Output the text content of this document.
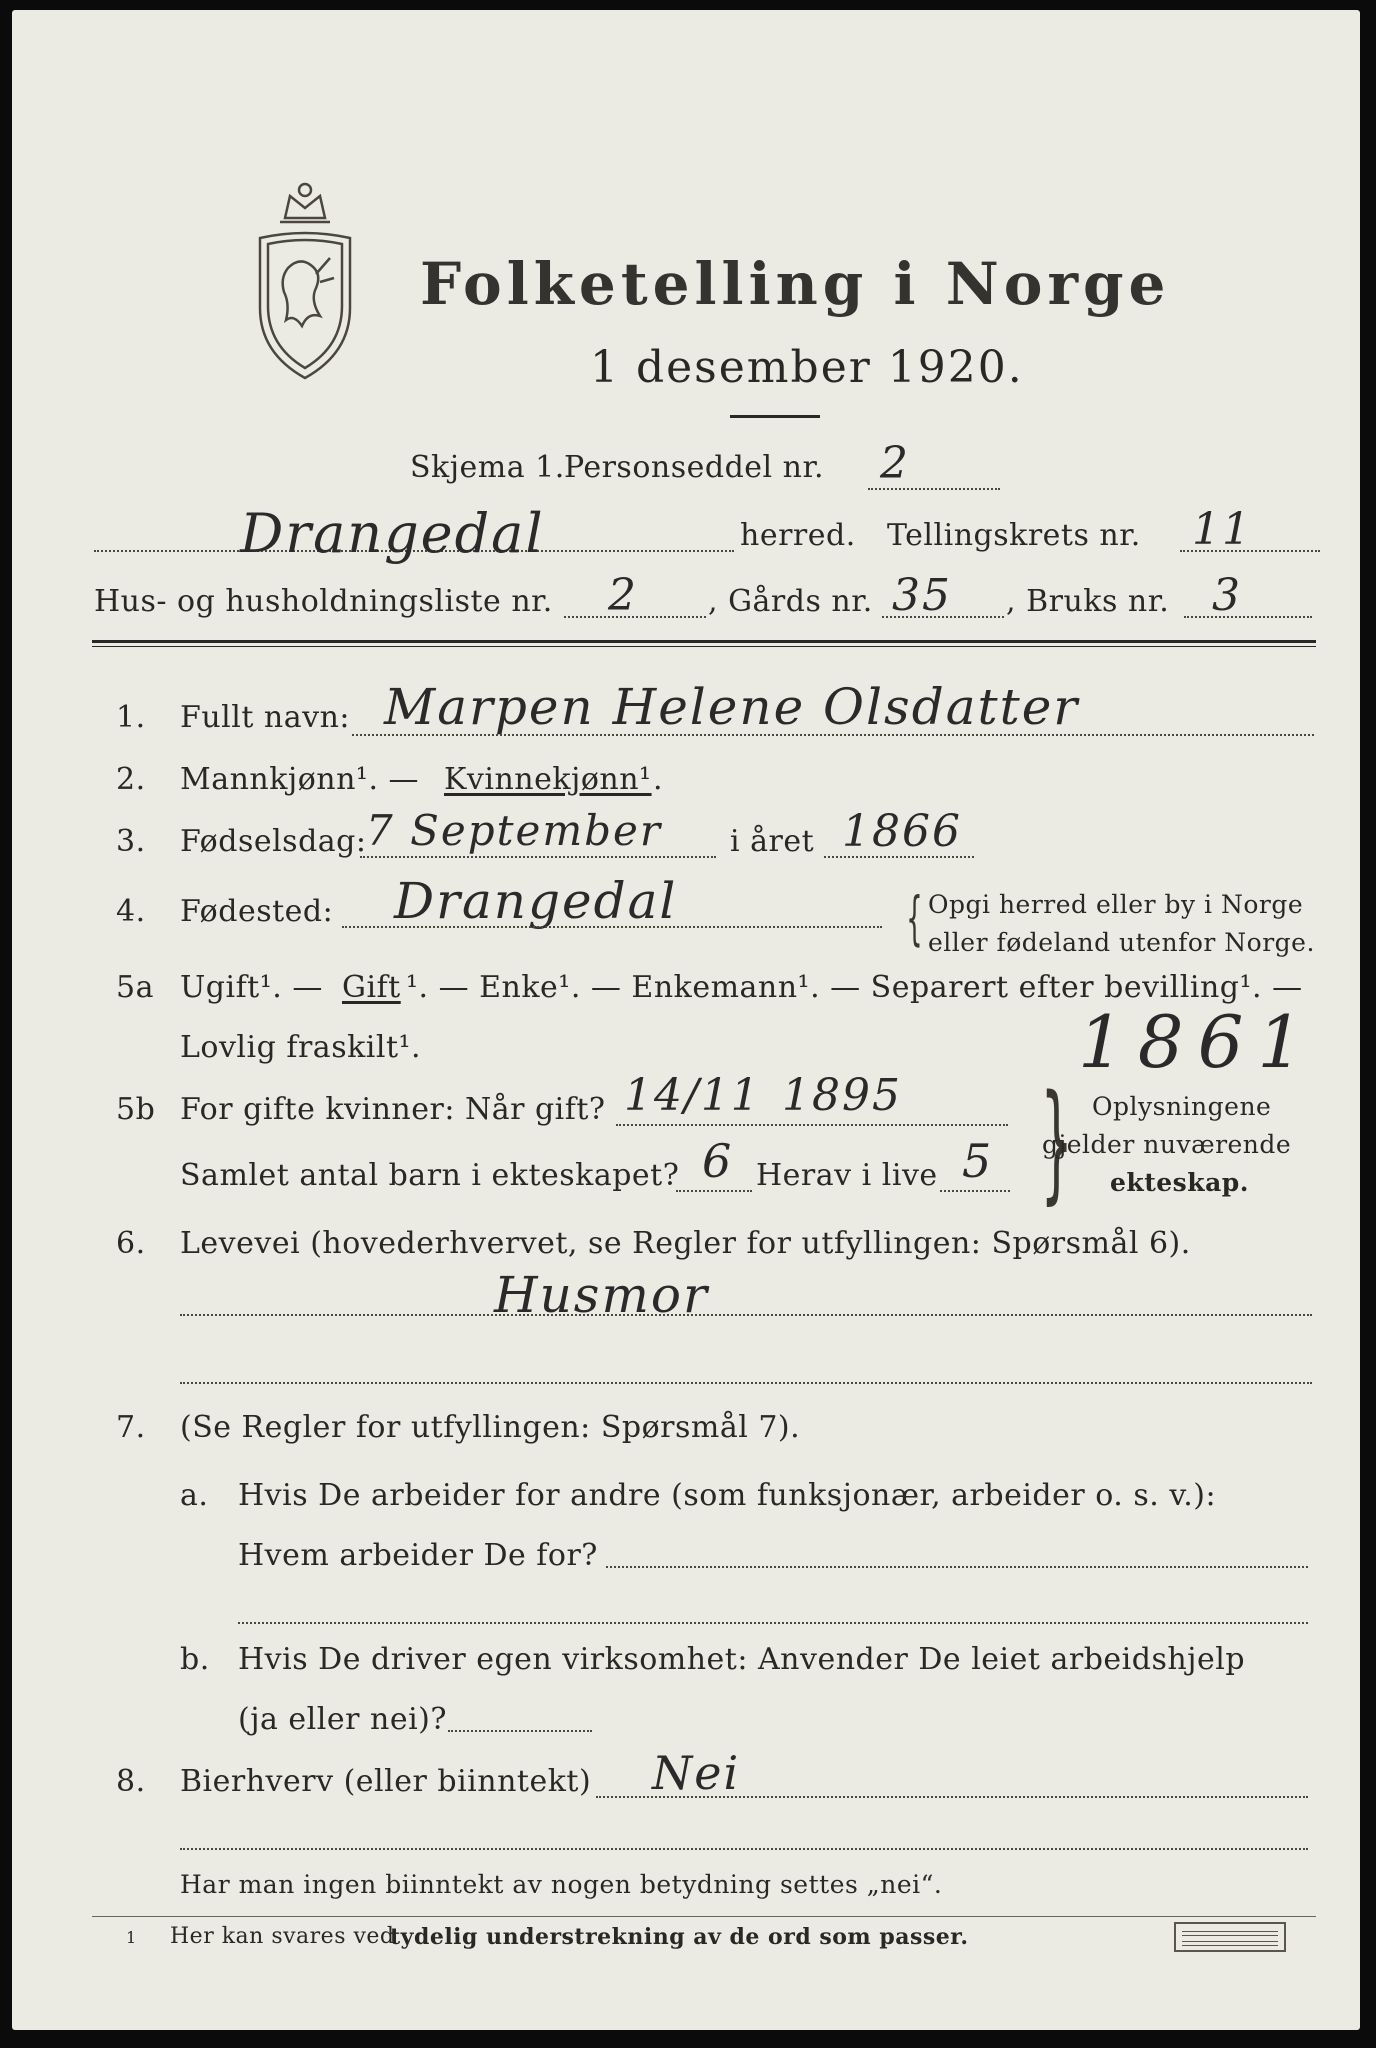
Folketelling i Norge
1 desember 1920.
Skjema 1. Personseddel nr. 2
Drangedal	herred. Tellingskrets nr. 11
Hus- og husholdningsliste nr. 2 , Gårds nr. 35 , Bruks nr. 3
1. Fullt navn: Marpen Helene Olsdatter
2. Mannkjønn¹. — Kvinnekjønn¹ .
3. Fødselsdag: 7 September i året 1866
4. Fødested: Drangedal	{ Opgi herred eller by i Norge
eller fødeland utenfor Norge.
5a Ugift¹. — Gift ¹. — Enke¹. — Enkemann¹. — Separert efter bevilling¹. —
Lovlig fraskilt¹.	1861
5b For gifte kvinner: Når gift? 14/11 1895
Samlet antal barn i ekteskapet? 6 Herav i live 5 } Oplysningene
gjelder nuværende
ekteskap.
6. Levevei (hovederhvervet, se Regler for utfyllingen: Spørsmål 6).
Husmor
7. (Se Regler for utfyllingen: Spørsmål 7).
a. Hvis De arbeider for andre (som funksjonær, arbeider o. s. v.):
Hvem arbeider De for?
b. Hvis De driver egen virksomhet: Anvender De leiet arbeidshjelp
(ja eller nei)?
8. Bierhverv (eller biinntekt) Nei
Har man ingen biinntekt av nogen betydning settes „nei“.
1 Her kan svares ved
tydelig understrekning av de ord som passer.
